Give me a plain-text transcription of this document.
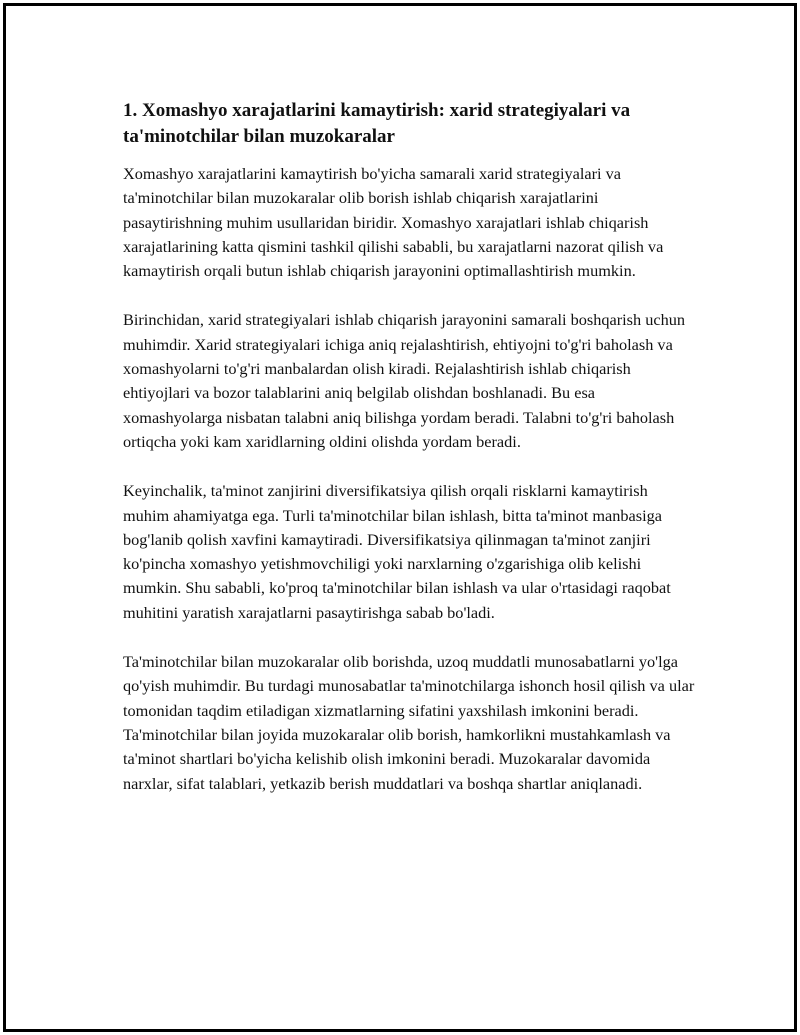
1. Xomashyo xarajatlarini kamaytirish: xarid strategiyalari va ta'minotchilar bilan muzokaralar

Xomashyo xarajatlarini kamaytirish bo'yicha samarali xarid strategiyalari va ta'minotchilar bilan muzokaralar olib borish ishlab chiqarish xarajatlarini pasaytirishning muhim usullaridan biridir. Xomashyo xarajatlari ishlab chiqarish xarajatlarining katta qismini tashkil qilishi sababli, bu xarajatlarni nazorat qilish va kamaytirish orqali butun ishlab chiqarish jarayonini optimallashtirish mumkin.

Birinchidan, xarid strategiyalari ishlab chiqarish jarayonini samarali boshqarish uchun muhimdir. Xarid strategiyalari ichiga aniq rejalashtirish, ehtiyojni to'g'ri baholash va xomashyolarni to'g'ri manbalardan olish kiradi. Rejalashtirish ishlab chiqarish ehtiyojlari va bozor talablarini aniq belgilab olishdan boshlanadi. Bu esa xomashyolarga nisbatan talabni aniq bilishga yordam beradi. Talabni to'g'ri baholash ortiqcha yoki kam xaridlarning oldini olishda yordam beradi.

Keyinchalik, ta'minot zanjirini diversifikatsiya qilish orqali risklarni kamaytirish muhim ahamiyatga ega. Turli ta'minotchilar bilan ishlash, bitta ta'minot manbasiga bog'lanib qolish xavfini kamaytiradi. Diversifikatsiya qilinmagan ta'minot zanjiri ko'pincha xomashyo yetishmovchiligi yoki narxlarning o'zgarishiga olib kelishi mumkin. Shu sababli, ko'proq ta'minotchilar bilan ishlash va ular o'rtasidagi raqobat muhitini yaratish xarajatlarni pasaytirishga sabab bo'ladi.

Ta'minotchilar bilan muzokaralar olib borishda, uzoq muddatli munosabatlarni yo'lga qo'yish muhimdir. Bu turdagi munosabatlar ta'minotchilarga ishonch hosil qilish va ular tomonidan taqdim etiladigan xizmatlarning sifatini yaxshilash imkonini beradi. Ta'minotchilar bilan joyida muzokaralar olib borish, hamkorlikni mustahkamlash va ta'minot shartlari bo'yicha kelishib olish imkonini beradi. Muzokaralar davomida narxlar, sifat talablari, yetkazib berish muddatlari va boshqa shartlar aniqlanadi.
